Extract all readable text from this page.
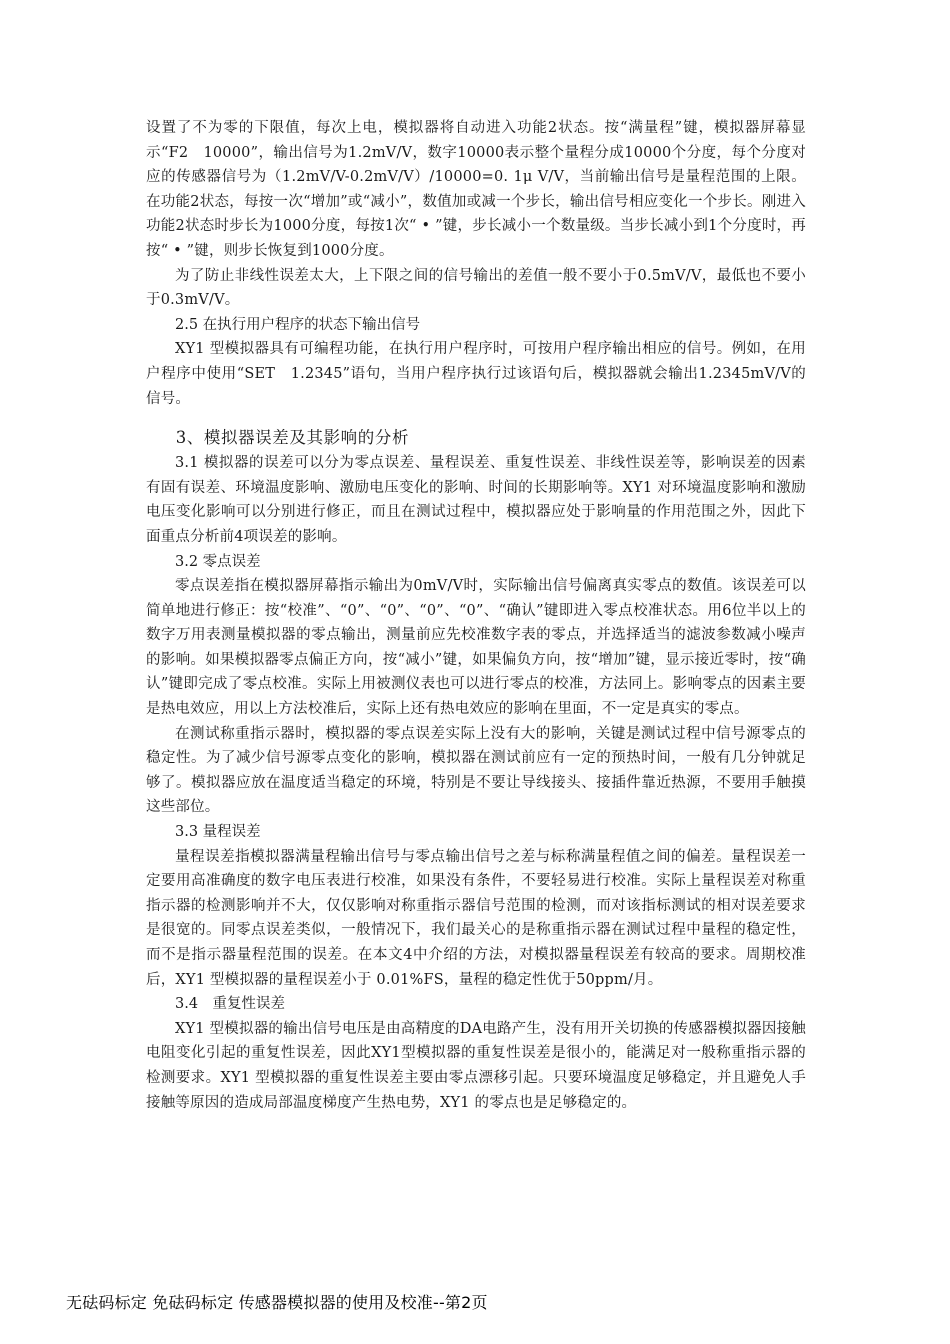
设置了不为零的下限值，每次上电，模拟器将自动进入功能2状态。按“满量程”键，模拟器屏幕显示“F2　10000”，输出信号为1.2mV/V，数字10000表示整个量程分成10000个分度，每个分度对应的传感器信号为（1.2mV/V-0.2mV/V）/10000=0. 1μ V/V，当前输出信号是量程范围的上限。在功能2状态，每按一次“增加”或“减小”，数值加或减一个步长，输出信号相应变化一个步长。刚进入功能2状态时步长为1000分度，每按1次“ • ”键，步长减小一个数量级。当步长减小到1个分度时，再按“ • ”键，则步长恢复到1000分度。

为了防止非线性误差太大，上下限之间的信号输出的差值一般不要小于0.5mV/V，最低也不要小于0.3mV/V。

2.5 在执行用户程序的状态下输出信号

XY1 型模拟器具有可编程功能，在执行用户程序时，可按用户程序输出相应的信号。例如，在用户程序中使用“SET　1.2345”语句，当用户程序执行过该语句后，模拟器就会输出1.2345mV/V的信号。

3、模拟器误差及其影响的分析

3.1 模拟器的误差可以分为零点误差、量程误差、重复性误差、非线性误差等，影响误差的因素有固有误差、环境温度影响、激励电压变化的影响、时间的长期影响等。XY1 对环境温度影响和激励电压变化影响可以分别进行修正，而且在测试过程中，模拟器应处于影响量的作用范围之外，因此下面重点分析前4项误差的影响。

3.2 零点误差

零点误差指在模拟器屏幕指示输出为0mV/V时，实际输出信号偏离真实零点的数值。该误差可以简单地进行修正：按“校准”、“0”、“0”、“0”、“0”、“确认”键即进入零点校准状态。用6位半以上的数字万用表测量模拟器的零点输出，测量前应先校准数字表的零点，并选择适当的滤波参数减小噪声的影响。如果模拟器零点偏正方向，按“减小”键，如果偏负方向，按“增加”键，显示接近零时，按“确认”键即完成了零点校准。实际上用被测仪表也可以进行零点的校准，方法同上。影响零点的因素主要是热电效应，用以上方法校准后，实际上还有热电效应的影响在里面，不一定是真实的零点。

在测试称重指示器时，模拟器的零点误差实际上没有大的影响，关键是测试过程中信号源零点的稳定性。为了减少信号源零点变化的影响，模拟器在测试前应有一定的预热时间，一般有几分钟就足够了。模拟器应放在温度适当稳定的环境，特别是不要让导线接头、接插件靠近热源，不要用手触摸这些部位。

3.3 量程误差

量程误差指模拟器满量程输出信号与零点输出信号之差与标称满量程值之间的偏差。量程误差一定要用高准确度的数字电压表进行校准，如果没有条件，不要轻易进行校准。实际上量程误差对称重指示器的检测影响并不大，仅仅影响对称重指示器信号范围的检测，而对该指标测试的相对误差要求是很宽的。同零点误差类似，一般情况下，我们最关心的是称重指示器在测试过程中量程的稳定性，而不是指示器量程范围的误差。在本文4中介绍的方法，对模拟器量程误差有较高的要求。周期校准后，XY1 型模拟器的量程误差小于 0.01%FS，量程的稳定性优于50ppm/月。

3.4　重复性误差

XY1 型模拟器的输出信号电压是由高精度的DA电路产生，没有用开关切换的传感器模拟器因接触电阻变化引起的重复性误差，因此XY1型模拟器的重复性误差是很小的，能满足对一般称重指示器的检测要求。XY1 型模拟器的重复性误差主要由零点漂移引起。只要环境温度足够稳定，并且避免人手接触等原因的造成局部温度梯度产生热电势，XY1 的零点也是足够稳定的。

无砝码标定 免砝码标定 传感器模拟器的使用及校准--第2页
